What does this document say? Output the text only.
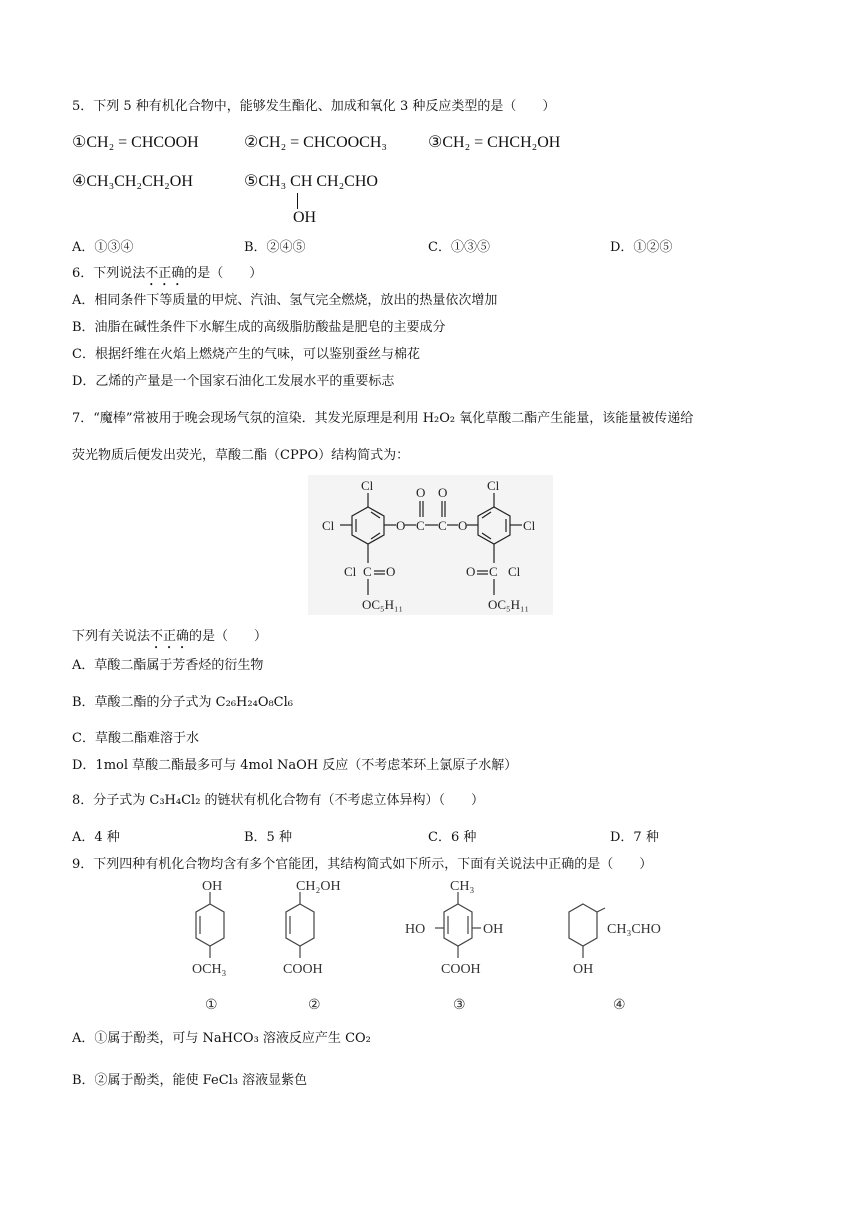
5．下列 5 种有机化合物中，能够发生酯化、加成和氧化 3 种反应类型的是（　　）
①CH₂ = CHCOOH	②CH₂ = CHCOOCH₃	③CH₂ = CHCH₂OH
④CH₃CH₂CH₂OH	⑤CH₃ CH CH₂CHO
OH
A．①③④	B．②④⑤	C．①③⑤	D．①②⑤
6．下列说法不正确的是（　　）
A．相同条件下等质量的甲烷、汽油、氢气完全燃烧，放出的热量依次增加
B．油脂在碱性条件下水解生成的高级脂肪酸盐是肥皂的主要成分
C．根据纤维在火焰上燃烧产生的气味，可以鉴别蚕丝与棉花
D．乙烯的产量是一个国家石油化工发展水平的重要标志
7．“魔棒”常被用于晚会现场气氛的渲染．其发光原理是利用 H₂O₂ 氧化草酸二酯产生能量，该能量被传递给
荧光物质后便发出荧光，草酸二酯（CPPO）结构简式为：
Cl
Cl	O
O
C
O
C O
Cl
Cl
Cl C O	O C Cl
OC₅H₁₁	OC₅H₁₁
下列有关说法不正确的是（　　）
A．草酸二酯属于芳香烃的衍生物
B．草酸二酯的分子式为 C₂₆H₂₄O₈Cl₆
C．草酸二酯难溶于水
D．1mol 草酸二酯最多可与 4mol NaOH 反应（不考虑苯环上氯原子水解）
8．分子式为 C₃H₄Cl₂ 的链状有机化合物有（不考虑立体异构）（　　）
A．4 种	B．5 种	C．6 种	D．7 种
9．下列四种有机化合物均含有多个官能团，其结构简式如下所示，下面有关说法中正确的是（　　）
OH
OCH₃
①
CH₂OH
COOH
②
CH₃
HO	OH
COOH
③
CH₃CHO
OH
④
A．①属于酚类，可与 NaHCO₃ 溶液反应产生 CO₂
B．②属于酚类，能使 FeCl₃ 溶液显紫色
